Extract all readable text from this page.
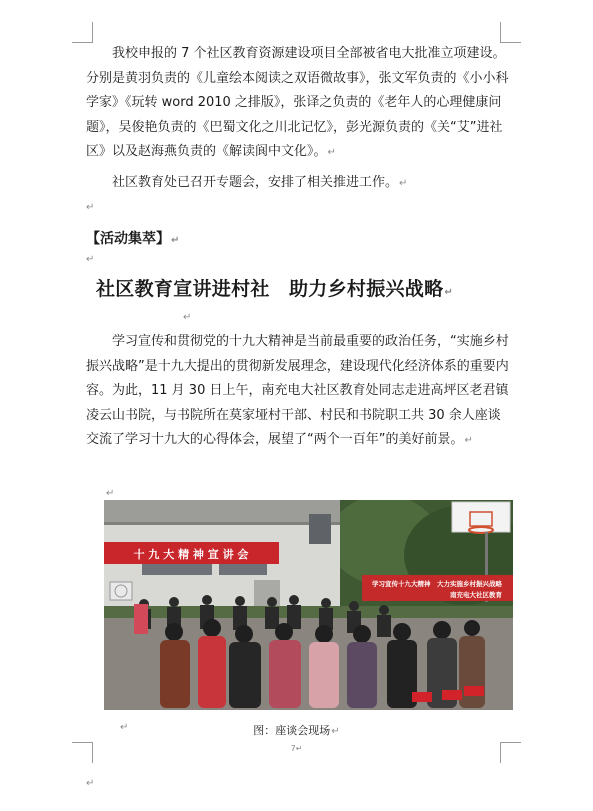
我校申报的 7 个社区教育资源建设项目全部被省电大批准立项建设。分别是黄羽负责的《儿童绘本阅读之双语微故事》，张文军负责的《小小科学家》《玩转 word 2010 之排版》，张译之负责的《老年人的心理健康问题》，吴俊艳负责的《巴蜀文化之川北记忆》，彭光源负责的《关“艾”进社区》以及赵海燕负责的《解读阆中文化》。↵

社区教育处已召开专题会，安排了相关推进工作。↵

↵
【活动集萃】↵
↵
社区教育宣讲进村社　助力乡村振兴战略↵
↵

学习宣传和贯彻党的十九大精神是当前最重要的政治任务，“实施乡村振兴战略”是十九大提出的贯彻新发展理念，建设现代化经济体系的重要内容。为此，11 月 30 日上午，南充电大社区教育处同志走进高坪区老君镇凌云山书院，与书院所在莫家垭村干部、村民和书院职工共 30 余人座谈交流了学习十九大的心得体会，展望了“两个一百年”的美好前景。↵

↵
十 九 大 精 神 宣 讲 会
学习宣传十九大精神　大力实施乡村振兴战略
南充电大社区教育
图：座谈会现场↵
↵
7↵
↵
